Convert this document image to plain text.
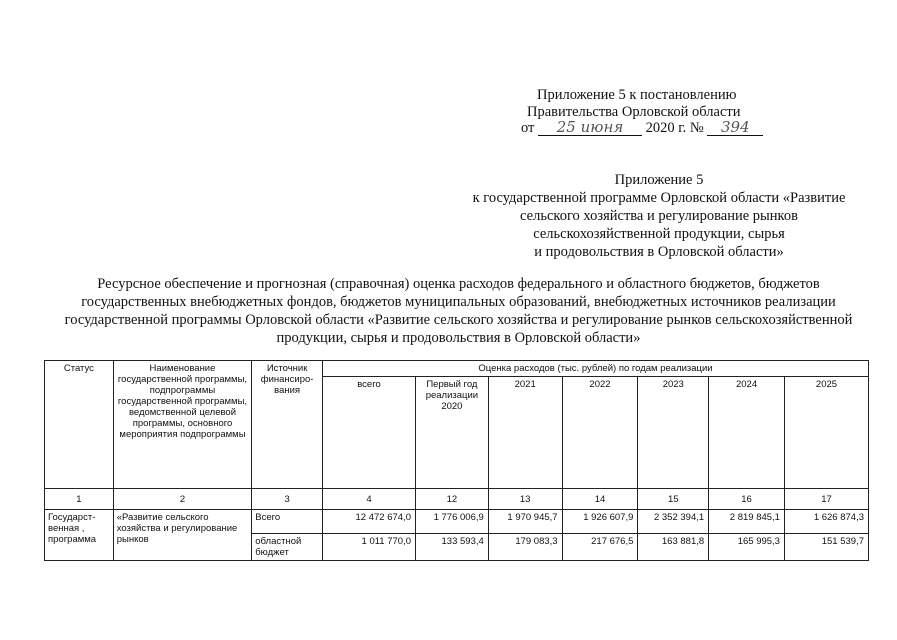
Приложение 5 к постановлению
Правительства Орловской области
от 25 июня 2020 г. № 394
Приложение 5
к государственной программе Орловской области «Развитие
сельского хозяйства и регулирование рынков
сельскохозяйственной продукции, сырья
и продовольствия в Орловской области»
Ресурсное обеспечение и прогнозная (справочная) оценка расходов федерального и областного бюджетов, бюджетов
государственных внебюджетных фондов, бюджетов муниципальных образований, внебюджетных источников реализации
государственной программы Орловской области «Развитие сельского хозяйства и регулирование рынков сельскохозяйственной
продукции, сырья и продовольствия в Орловской области»
Статус	Наименование государственной программы, подпрограммы государственной программы, ведомственной целевой программы, основного мероприятия подпрограммы	Источник финансиро-вания	Оценка расходов (тыс. рублей) по годам реализации						
			всего	Первый год реализации 2020	2021	2022	2023	2024	2025
1	2	3	4	12	13	14	15	16	17
Государст-венная , программа	«Развитие сельского хозяйства и регулирование рынков	Всего	12 472 674,0	1 776 006,9	1 970 945,7	1 926 607,9	2 352 394,1	2 819 845,1	1 626 874,3
		областной бюджет	1 011 770,0	133 593,4	179 083,3	217 676,5	163 881,8	165 995,3	151 539,7
